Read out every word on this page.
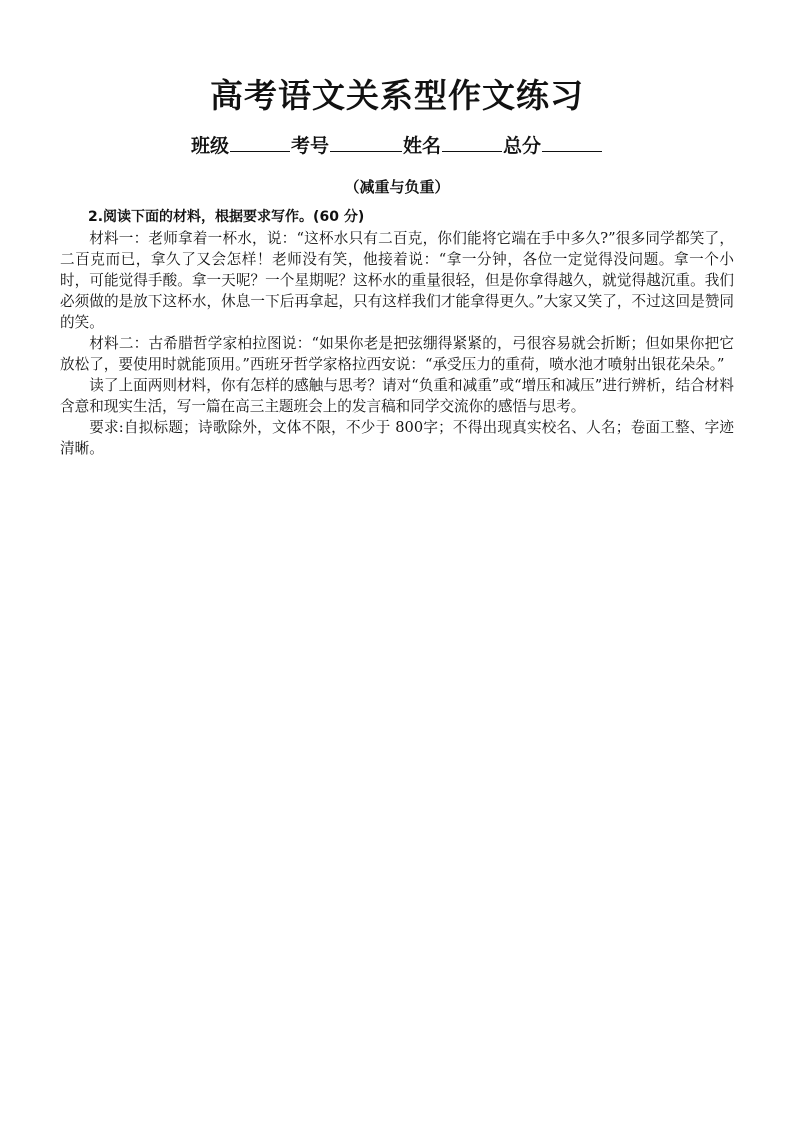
高考语文关系型作文练习
班级	考号	姓名	总分
（减重与负重）

2.阅读下面的材料，根据要求写作。(60 分)

材料一：老师拿着一杯水，说：“这杯水只有二百克，你们能将它端在手中多久?”很多同学都笑了，二百克而已，拿久了又会怎样！老师没有笑，他接着说：“拿一分钟，各位一定觉得没问题。拿一个小时，可能觉得手酸。拿一天呢？一个星期呢？这杯水的重量很轻，但是你拿得越久，就觉得越沉重。我们必须做的是放下这杯水，休息一下后再拿起，只有这样我们才能拿得更久。”大家又笑了，不过这回是赞同的笑。

材料二：古希腊哲学家柏拉图说：“如果你老是把弦绷得紧紧的，弓很容易就会折断；但如果你把它放松了，要使用时就能顶用。”西班牙哲学家格拉西安说：“承受压力的重荷，喷水池才喷射出银花朵朵。”

读了上面两则材料，你有怎样的感触与思考？请对“负重和减重”或“增压和减压”进行辨析，结合材料含意和现实生活，写一篇在高三主题班会上的发言稿和同学交流你的感悟与思考。

要求:自拟标题；诗歌除外，文体不限，不少于 800字；不得出现真实校名、人名；卷面工整、字迹清晰。
